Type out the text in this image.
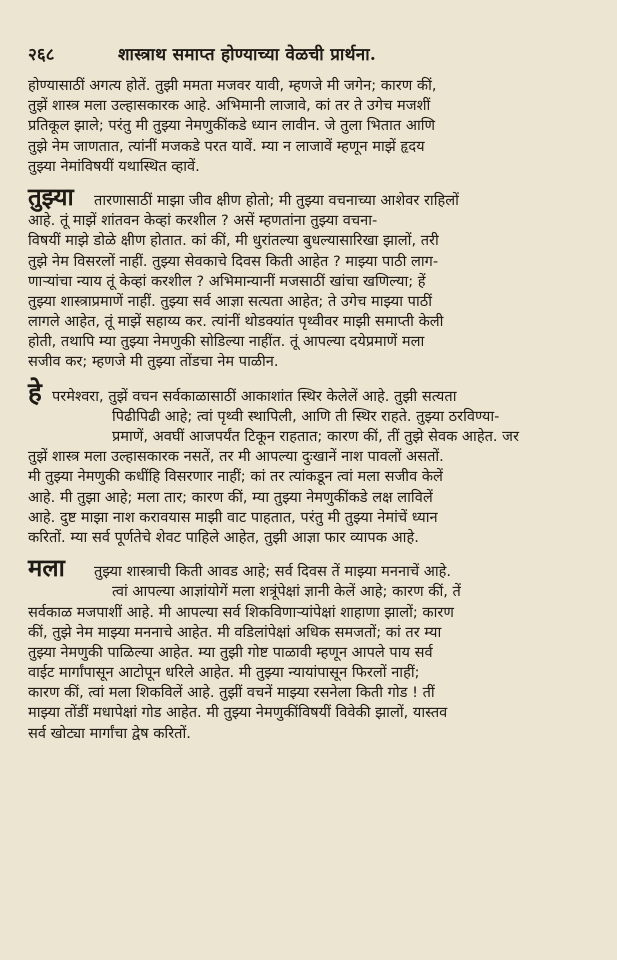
२६८	शास्त्राथ समाप्त होण्याच्या वेळची प्रार्थना.
होण्यासाठीं अगत्य होतें. तुझी ममता मजवर यावी, म्हणजे मी जगेन; कारण कीं,
तुझें शास्त्र मला उल्हासकारक आहे. अभिमानी लाजावे, कां तर ते उगेच मजशीं
प्रतिकूल झाले; परंतु मी तुझ्या नेमणुकींकडे ध्यान लावीन. जे तुला भितात आणि
तुझे नेम जाणतात, त्यांनीं मजकडे परत यावें. म्या न लाजावें म्हणून माझें हृदय
तुझ्या नेमांविषयीं यथास्थित व्हावें.
तुझ्या	तारणासाठीं माझा जीव क्षीण होतो; मी तुझ्या वचनाच्या आशेवर राहिलों
आहे. तूं माझें शांतवन केव्हां करशील ? असें म्हणतांना तुझ्या वचना-
विषयीं माझे डोळे क्षीण होतात. कां कीं, मी धुरांतल्या बुधल्यासारिखा झालों, तरी
तुझे नेम विसरलों नाहीं. तुझ्या सेवकाचे दिवस किती आहेत ? माझ्या पाठी लाग-
णाऱ्यांचा न्याय तूं केव्हां करशील ? अभिमान्यानीं मजसाठीं खांचा खणिल्या; हें
तुझ्या शास्त्राप्रमाणें नाहीं. तुझ्या सर्व आज्ञा सत्यता आहेत; ते उगेच माझ्या पाठीं
लागले आहेत, तूं माझें सहाय्य कर. त्यांनीं थोडक्यांत पृथ्वीवर माझी समाप्ती केली
होती, तथापि म्या तुझ्या नेमणुकी सोडिल्या नाहींत. तूं आपल्या दयेप्रमाणें मला
सजीव कर; म्हणजे मी तुझ्या तोंडचा नेम पाळीन.
हे परमेश्वरा, तुझें वचन सर्वकाळासाठीं आकाशांत स्थिर केलेलें आहे. तुझी सत्यता
पिढीपिढी आहे; त्वां पृथ्वी स्थापिली, आणि ती स्थिर राहते. तुझ्या ठरविण्या-
प्रमाणें, अवघीं आजपर्यंत टिकून राहतात; कारण कीं, तीं तुझे सेवक आहेत. जर
तुझें शास्त्र मला उल्हासकारक नसतें, तर मी आपल्या दुःखानें नाश पावलों असतों.
मी तुझ्या नेमणुकी कधींहि विसरणार नाहीं; कां तर त्यांकडून त्वां मला सजीव केलें
आहे. मी तुझा आहे; मला तार; कारण कीं, म्या तुझ्या नेमणुकींकडे लक्ष लाविलें
आहे. दुष्ट माझा नाश करावयास माझी वाट पाहतात, परंतु मी तुझ्या नेमांचें ध्यान
करितों. म्या सर्व पूर्णतेचे शेवट पाहिले आहेत, तुझी आज्ञा फार व्यापक आहे.
मला	तुझ्या शास्त्राची किती आवड आहे; सर्व दिवस तें माझ्या मननाचें आहे.
त्वां आपल्या आज्ञांयोगें मला शत्रूंपेक्षां ज्ञानी केलें आहे; कारण कीं, तें
सर्वकाळ मजपाशीं आहे. मी आपल्या सर्व शिकविणाऱ्यांपेक्षां शाहाणा झालों; कारण
कीं, तुझे नेम माझ्या मननाचे आहेत. मी वडिलांपेक्षां अधिक समजतों; कां तर म्या
तुझ्या नेमणुकी पाळिल्या आहेत. म्या तुझी गोष्ट पाळावी म्हणून आपले पाय सर्व
वाईट मार्गांपासून आटोपून धरिले आहेत. मी तुझ्या न्यायांपासून फिरलों नाहीं;
कारण कीं, त्वां मला शिकविलें आहे. तुझीं वचनें माझ्या रसनेला किती गोड ! तीं
माझ्या तोंडीं मधापेक्षां गोड आहेत. मी तुझ्या नेमणुकींविषयीं विवेकी झालों, यास्तव
सर्व खोट्या मार्गांचा द्वेष करितों.
